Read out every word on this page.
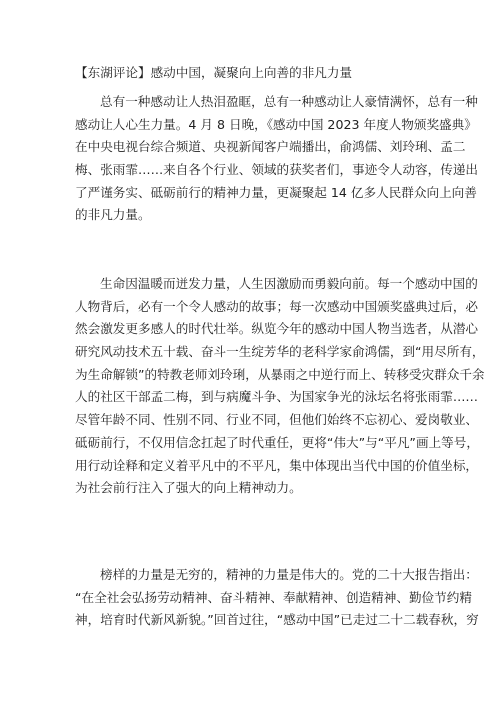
【东湖评论】感动中国，凝聚向上向善的非凡力量
总有一种感动让人热泪盈眶，总有一种感动让人豪情满怀，总有一种
感动让人心生力量。4 月 8 日晚，《感动中国 2023 年度人物颁奖盛典》
在中央电视台综合频道、央视新闻客户端播出，俞鸿儒、刘玲琍、孟二
梅、张雨霏……来自各个行业、领域的获奖者们，事迹令人动容，传递出
了严谨务实、砥砺前行的精神力量，更凝聚起 14 亿多人民群众向上向善
的非凡力量。
生命因温暖而迸发力量，人生因激励而勇毅向前。每一个感动中国的
人物背后，必有一个令人感动的故事；每一次感动中国颁奖盛典过后，必
然会激发更多感人的时代壮举。纵览今年的感动中国人物当选者，从潜心
研究风动技术五十载、奋斗一生绽芳华的老科学家俞鸿儒，到“用尽所有，
为生命解锁”的特教老师刘玲琍，从暴雨之中逆行而上、转移受灾群众千余
人的社区干部孟二梅，到与病魔斗争、为国家争光的泳坛名将张雨霏……
尽管年龄不同、性别不同、行业不同，但他们始终不忘初心、爱岗敬业、
砥砺前行，不仅用信念扛起了时代重任，更将“伟大”与“平凡”画上等号，
用行动诠释和定义着平凡中的不平凡，集中体现出当代中国的价值坐标，
为社会前行注入了强大的向上精神动力。
榜样的力量是无穷的，精神的力量是伟大的。党的二十大报告指出：
“在全社会弘扬劳动精神、奋斗精神、奉献精神、创造精神、勤俭节约精
神，培育时代新风新貌。”回首过往，“感动中国”已走过二十二载春秋，穷
